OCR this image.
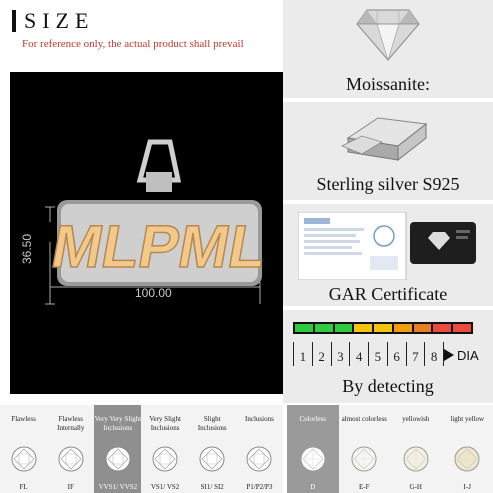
SIZE
For reference only, the actual product shall prevail
MLPML
36.50
100.00
Moissanite:
Sterling silver S925
GAR Certificate
1 2 3 4 5 6 7 8	DIA
By detecting
Flawless
FL
Flawless Internally
IF
Very Very Slight Inclusions
VVS1/ VVS2
Very Slight Inclusions
VS1/ VS2
Slight Inclusions
SI1/ SI2
Inclusions
P1/P2/P3
Colorless
D
almost colorless
E-F
yellowish
G-H
light yellow
I-J
